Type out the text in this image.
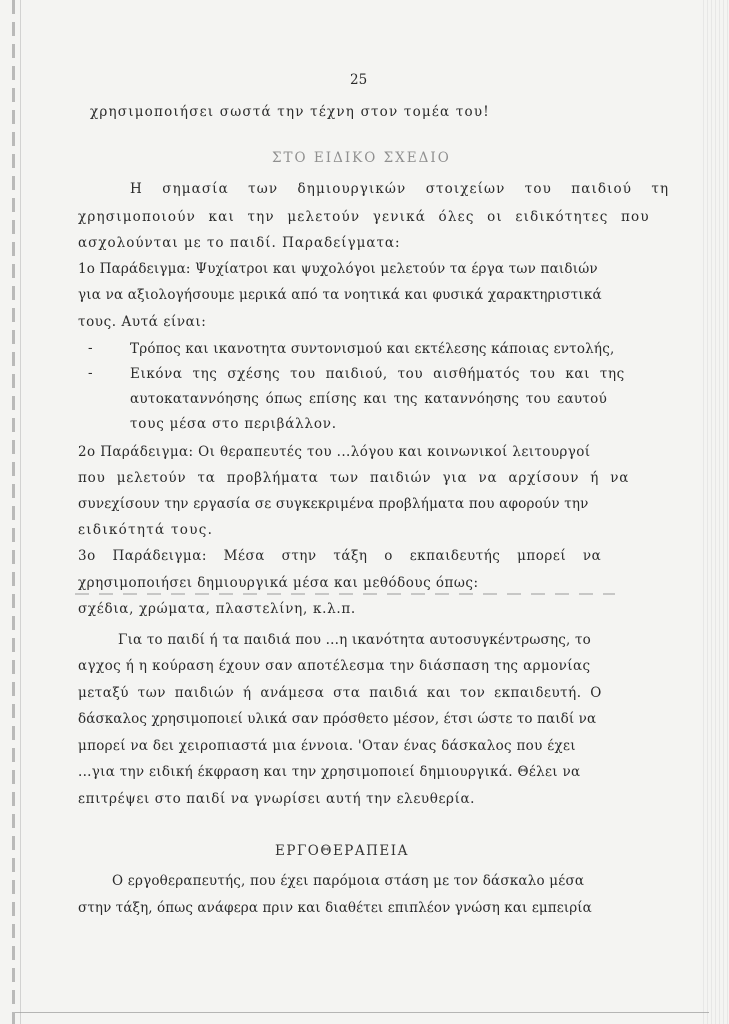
25
χρησιμοποιήσει σωστά την τέχνη στον τομέα του!
ΣΤΟ ΕΙΔΙΚΟ ΣΧΕΔΙΟ
Η σημασία των δημιουργικών στοιχείων του παιδιού τη
χρησιμοποιούν και την μελετούν γενικά όλες οι ειδικότητες που
ασχολούνται με το παιδί. Παραδείγματα:
1ο Παράδειγμα: Ψυχίατροι και ψυχολόγοι μελετούν τα έργα των παιδιών
για να αξιολογήσουμε μερικά από τα νοητικά και φυσικά χαρακτηριστικά
τους. Αυτά είναι:
-	Τρόπος και ικανοτητα συντονισμού και εκτέλεσης κάποιας εντολής,
-	Εικόνα της σχέσης του παιδιού, του αισθήματός του και της
αυτοκαταννόησης όπως επίσης και της καταννόησης του εαυτού
τους μέσα στο περιβάλλον.
2ο Παράδειγμα: Οι θεραπευτές του ...λόγου και κοινωνικοί λειτουργοί
που μελετούν τα προβλήματα των παιδιών για να αρχίσουν ή να
συνεχίσουν την εργασία σε συγκεκριμένα προβλήματα που αφορούν την
ειδικότητά τους.
3ο Παράδειγμα: Μέσα στην τάξη ο εκπαιδευτής μπορεί να
χρησιμοποιήσει δημιουργικά μέσα και μεθόδους όπως:
σχέδια, χρώματα, πλαστελίνη, κ.λ.π.
Για το παιδί ή τα παιδιά που ...η ικανότητα αυτοσυγκέντρωσης, το
αγχος ή η κούραση έχουν σαν αποτέλεσμα την διάσπαση της αρμονίας
μεταξύ των παιδιών ή ανάμεσα στα παιδιά και τον εκπαιδευτή. Ο
δάσκαλος χρησιμοποιεί υλικά σαν πρόσθετο μέσον, έτσι ώστε το παιδί να
μπορεί να δει χειροπιαστά μια έννοια. 'Οταν ένας δάσκαλος που έχει
...για την ειδική έκφραση και την χρησιμοποιεί δημιουργικά. Θέλει να
επιτρέψει στο παιδί να γνωρίσει αυτή την ελευθερία.
ΕΡΓΟΘΕΡΑΠΕΙΑ
Ο εργοθεραπευτής, που έχει παρόμοια στάση με τον δάσκαλο μέσα
στην τάξη, όπως ανάφερα πριν και διαθέτει επιπλέον γνώση και εμπειρία
